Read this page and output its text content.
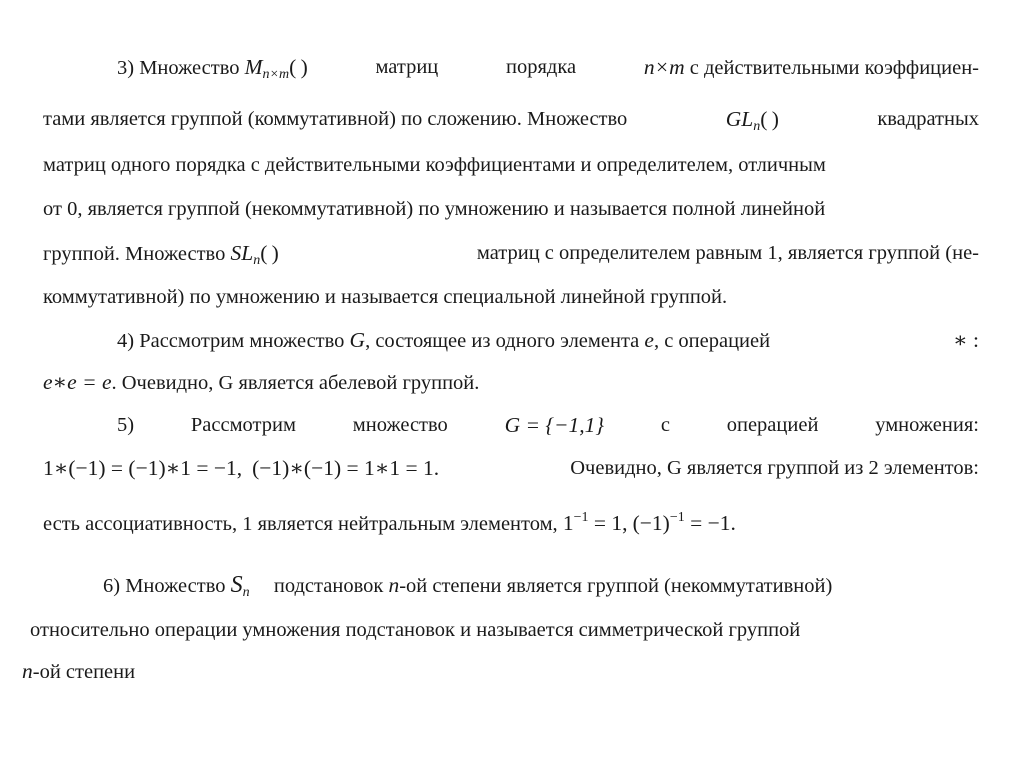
3) Множество $M_{n\times m}$( )	матриц	порядка	n×m с действительными коэффициен-
тами является группой (коммутативной) по сложению. Множество	$GL_n$( )	квадратных
матриц одного порядка с действительными коэффициентами и определителем, отличным
от 0, является группой (некоммутативной) по умножению и называется полной линейной
группой. Множество $SL_n$( )	матриц с определителем равным 1, является группой (не-
коммутативной) по умножению и называется специальной линейной группой.
4) Рассмотрим множество G, состоящее из одного элемента e, с операцией	∗ :
e∗e = e. Очевидно, G является абелевой группой.
5)	Рассмотрим	множество	G = {−1,1}	с	операцией	умножения:
1∗(−1) = (−1)∗1 = −1, (−1)∗(−1) = 1∗1 = 1.	Очевидно, G является группой из 2 элементов:
есть ассоциативность, 1 является нейтральным элементом, $1^{-1} = 1$, $(-1)^{-1} = -1$.
6) Множество $S_n$ подстановок n-ой степени является группой (некоммутативной)
относительно операции умножения подстановок и называется симметрической группой
n-ой степени
